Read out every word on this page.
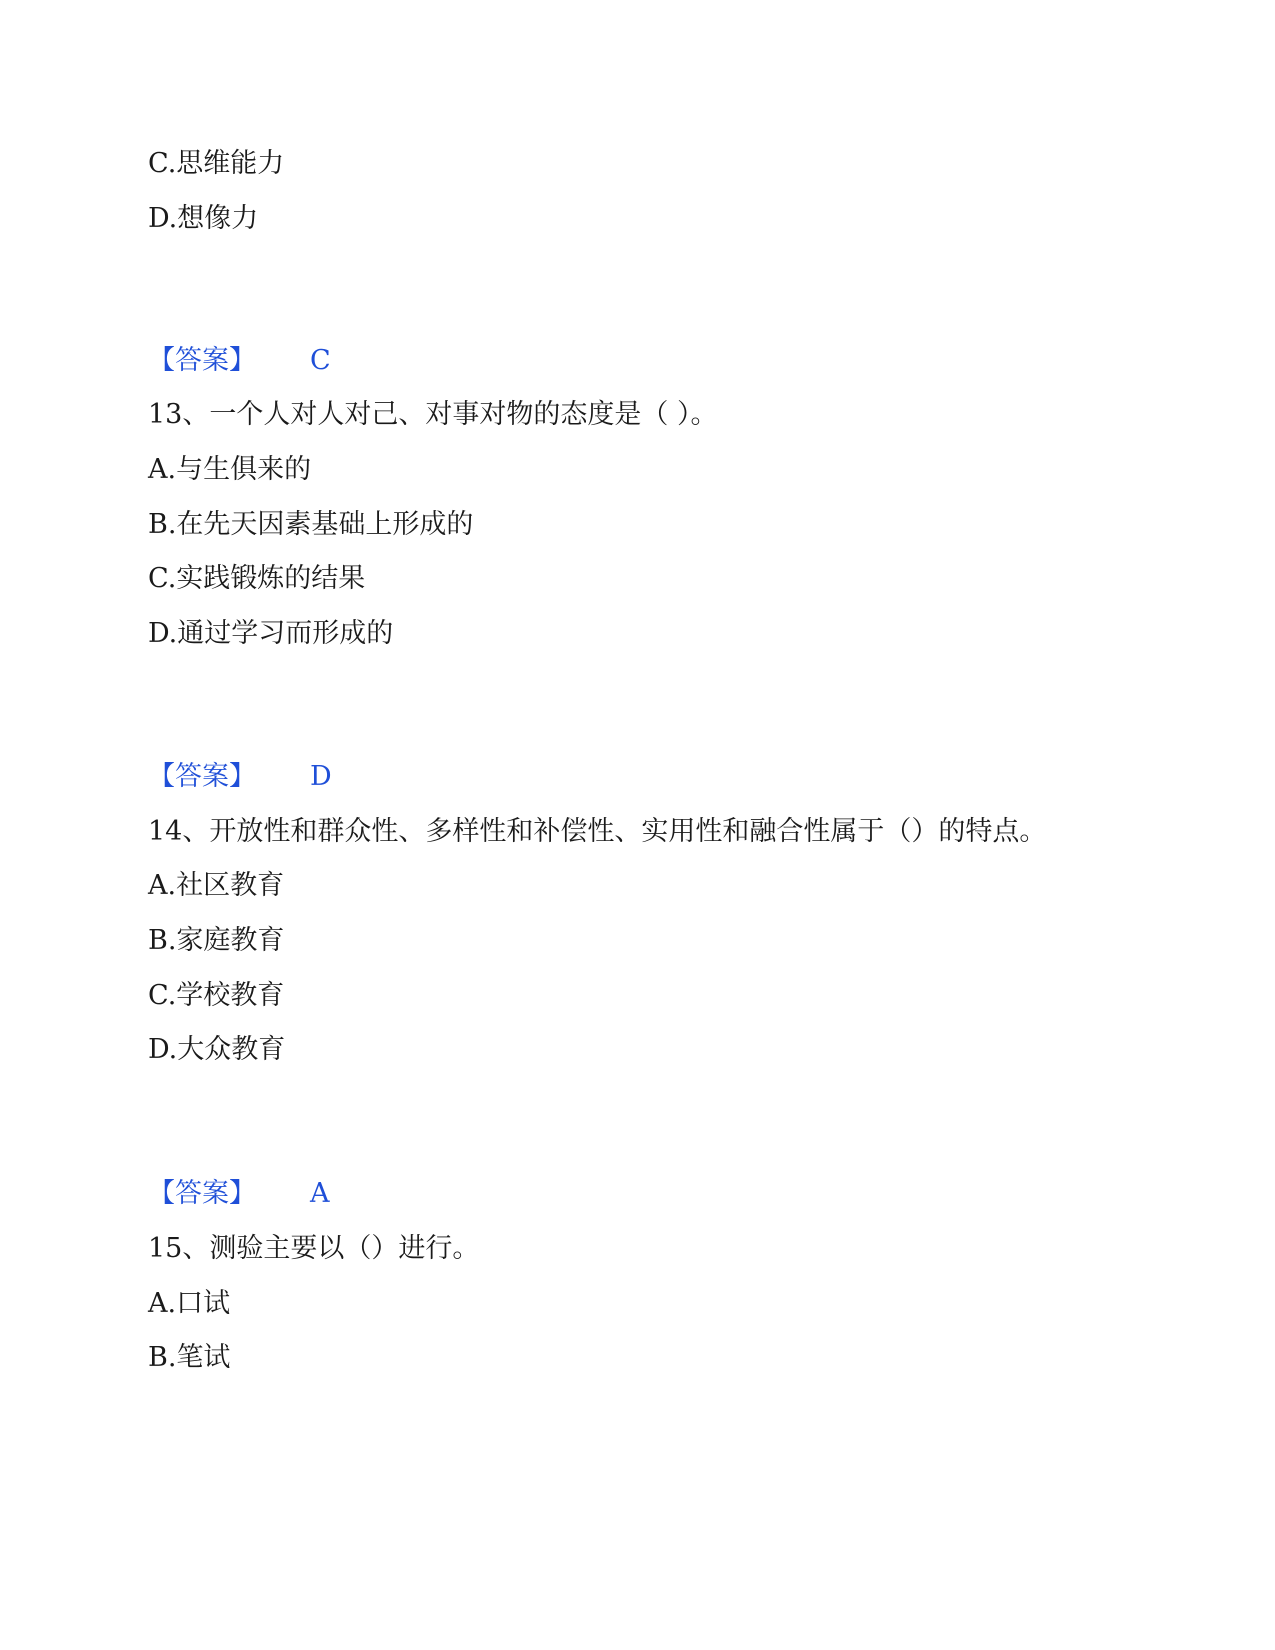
C.思维能力
D.想像力
【答案】 C
13、一个人对人对己、对事对物的态度是（ ）。
A.与生俱来的
B.在先天因素基础上形成的
C.实践锻炼的结果
D.通过学习而形成的
【答案】 D
14、开放性和群众性、多样性和补偿性、实用性和融合性属于（）的特点。
A.社区教育
B.家庭教育
C.学校教育
D.大众教育
【答案】 A
15、测验主要以（）进行。
A.口试
B.笔试
